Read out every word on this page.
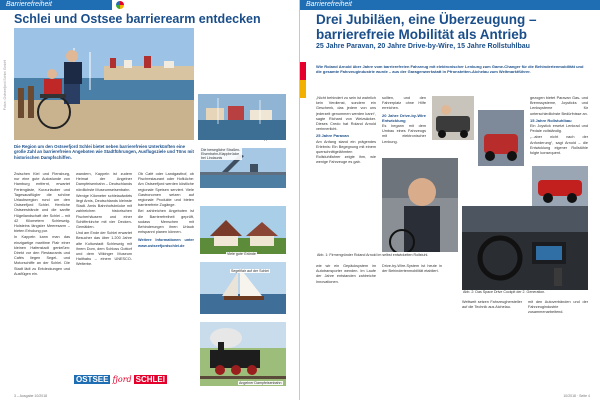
Barrierefreiheit
Schlei und Ostsee barrierearm entdecken
Fotos: Ostseefjord Schlei GmbH
Die Region um den Ostseefjord Schlei bietet neben barrierefreien Unterkünften eine große Zahl an barrierefreien Angeboten wie Stadtführungen, Ausflugsziele und Töns mit historischen Dampfschiffen.

Zwischen Kiel und Flensburg, nur eine gute Autostunde von Hamburg entfernt, erwartet Feriengäste, Kurzurlauber und Tagesausflügler die schöne Urlaubsregion rund um den Ostseefjord Schlei. Herrliche Ostseestrände und die sanfte Hügellandschaft der Schlei – mit 42 Kilometern Schleswig-Holsteins längster Meeresarm – bieten Erholung pur.

In Kappeln kann man das einzigartige maritime Flair einer kleinen Hafenstadt genießen: Direkt vor den Restaurants und Cafés liegen Segel- und Motorschiffe an der Schlei. Die Stadt lädt zu Entdeckungen und Ausflügen ein.

wandern, Kappeln ist zudem Heimat der Angelner Dampfeisenbahn – Deutschlands nördlichste Museumseisenbahn.

Wenige Kilometer schleiaufwärts liegt Arnis, Deutschlands kleinste Stadt. Arnis Bahnhofsbrücke mit zahlreichen historischen Fischerhäusern und einer Schifferkirche mit vier Decken-Gemälden.

Und am Ende der Schlei erwartet Besucher das über 1.200 Jahre alte Kulturstadt Schleswig mit ihrem Dom, dem Schloss Gottorf und dem Wikinger Museum Haithabu – einem UNESCO-Welterbe.

Ob Café oder Landgasthof, ob Fischrestaurant oder Hofküche: Am Ostseefjord werden köstliche regionale Speisen serviert. Viele Gastronomen setzen auf regionale Produkte und bieten barrierefreie Zugänge.

Bei zahlreichen Angeboten ist die Barrierefreiheit geprüft, sodass Menschen mit Behinderungen ihren Urlaub entspannt planen können.

Weitere Informationen unter www.ostseefjordschlei.de

OSTSEE fjord SCHLEI
Die bewegliche Straßen-Eisenbahn-Klappbrücke bei Lindaunis
Viele gute Gründe
Segelflair auf der Schlei
Angelner Dampfeisenbahn
3 – Ausgabe 10/2018
Barrierefreiheit
Drei Jubiläen, eine Überzeugung – barrierefreie Mobilität als Antrieb
25 Jahre Paravan, 20 Jahre Drive-by-Wire, 15 Jahre Rollstuhlbau
Wie Roland Arnold über Jahre vom barrierefreien Fahrzeug mit elektronischer Lenkung zum Game-Changer für die Behindertenmobilität und die gesamte Fahrzeugindustrie wurde – aus der Garagenwerkstatt in Pfronstetten-Aichelau zum Weltmarktführer.

„Nicht behindert zu sein ist wahrlich kein Verdienst, sondern ein Geschenk, das jedem von uns jederzeit genommen werden kann“, sagte Richard von Weizsäcker. Dieses Credo hat Roland Arnold verinnerlicht.

25 Jahre Paravan

Am Anfang stand ein prägendes Erlebnis: Ein Begegnung mit einem querschnittgelähmten Rollstuhlfahrer zeigte ihm, wie wenige Fahrzeuge es gab.

sollten, und den Fahrerplatz ohne Hilfe erreichen.

20 Jahre Drive-by-Wire Entwicklung

Es begann mit dem Umbau eines Fahrzeugs mit elektronischer Lenkung.

gezogen bietet Paravan Gas- und Bremssysteme, Joysticks und Lenksysteme für unterschiedlichste Bedürfnisse an.

15 Jahre Rollstuhlbau

Ein Joystick ersetzt Lenkrad und Pedale vollständig.

„...aber nicht nach der Anforderung“, sagt Arnold – die Entwicklung eigener Rollstühle folgte konsequent.

Abb. 1: Firmengründer Roland Arnold im selbst entwickelten Rollstuhl.
Abb. 2: Das Space Drive Cockpit der 2. Generation.

wie wir ein Gepäcksystem im Autotransporter wenden. Im Laufe der Jahre entstanden zahlreiche Innovationen.

Drive-by-Wire-System ist heute in der Behindertenmobilität etabliert.

Weltweit setzen Fahrzeughersteller auf die Technik aus Aichelau.

mit den Autoverbänden und der Fahrzeugindustrie zusammenarbeitend.

10/2018 · Seite 4
